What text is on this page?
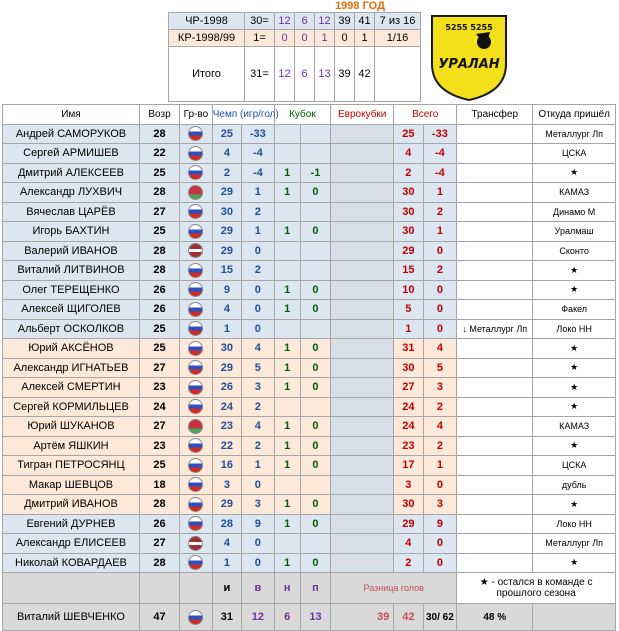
1998 ГОД
ЧР-1998	30=	12	6	12	39	41	7 из 16
КР-1998/99	1=	0	0	1	0	1	1/16
Итого	31=	12	6	13	39	42	
5255 5255
УРАЛАН
Имя	Возр	Гр-во	Чемп (игр/гол)		Кубок		Еврокубки	Всего		Трансфер	Откуда пришёл
Андрей САМОРУКОВ	28		25	-33				25	-33		Металлург Лп
Сергей АРМИШЕВ	22		4	-4				4	-4		ЦСКА
Дмитрий АЛЕКСЕЕВ	25		2	-4	1	-1		2	-4		★
Александр ЛУХВИЧ	28		29	1	1	0		30	1		КАМАЗ
Вячеслав ЦАРЁВ	27		30	2				30	2		Динамо М
Игорь БАХТИН	25		29	1	1	0		30	1		Уралмаш
Валерий ИВАНОВ	28		29	0				29	0		Сконто
Виталий ЛИТВИНОВ	28		15	2				15	2		★
Олег ТЕРЕЩЕНКО	26		9	0	1	0		10	0		★
Алексей ЩИГОЛЕВ	26		4	0	1	0		5	0		Факел
Альберт ОСКОЛКОВ	25		1	0				1	0	↓ Металлург Лп	Локо НН
Юрий АКСЁНОВ	25		30	4	1	0		31	4		★
Александр ИГНАТЬЕВ	27		29	5	1	0		30	5		★
Алексей СМЕРТИН	23		26	3	1	0		27	3		★
Сергей КОРМИЛЬЦЕВ	24		24	2				24	2		★
Юрий ШУКАНОВ	27		23	4	1	0		24	4		КАМАЗ
Артём ЯШКИН	23		22	2	1	0		23	2		★
Тигран ПЕТРОСЯНЦ	25		16	1	1	0		17	1		ЦСКА
Макар ШЕВЦОВ	18		3	0				3	0		дубль
Дмитрий ИВАНОВ	28		29	3	1	0		30	3		★
Евгений ДУРНЕВ	26		28	9	1	0		29	9		Локо НН
Александр ЕЛИСЕЕВ	27		4	0				4	0		Металлург Лп
Николай КОВАРДАЕВ	28		1	0	1	0		2	0		★
			и	в	н	п	Разница голов			★ - остался в команде с прошлого сезона	
Виталий ШЕВЧЕНКО	47		31	12	6	13	39	42	30/ 62	48 %	
